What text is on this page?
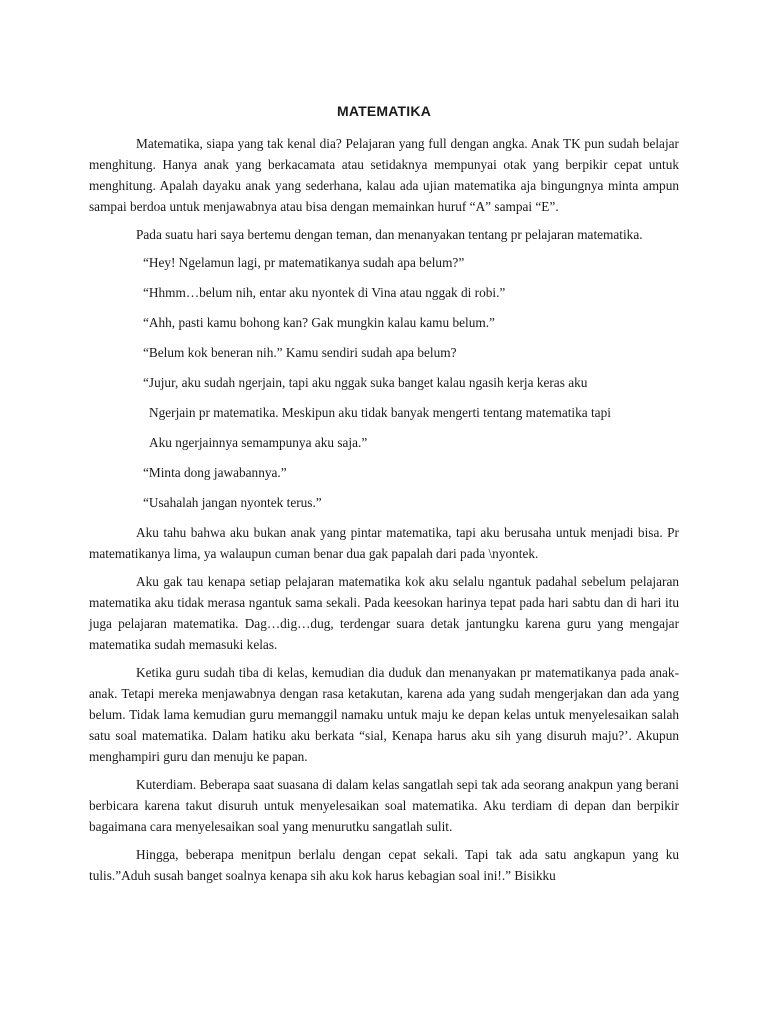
MATEMATIKA

Matematika, siapa yang tak kenal dia? Pelajaran yang full dengan angka. Anak TK pun sudah belajar menghitung. Hanya anak yang berkacamata atau setidaknya mempunyai otak yang berpikir cepat untuk menghitung. Apalah dayaku anak yang sederhana, kalau ada ujian matematika aja bingungnya minta ampun sampai berdoa untuk menjawabnya atau bisa dengan memainkan huruf “A” sampai “E”.

Pada suatu hari saya bertemu dengan teman, dan menanyakan tentang pr pelajaran matematika.

“Hey! Ngelamun lagi, pr matematikanya sudah apa belum?”
“Hhmm…belum nih, entar aku nyontek di Vina atau nggak di robi.”
“Ahh, pasti kamu bohong kan? Gak mungkin kalau kamu belum.”
“Belum kok beneran nih.” Kamu sendiri sudah apa belum?
“Jujur, aku sudah ngerjain, tapi aku nggak suka banget kalau ngasih kerja keras aku
Ngerjain pr matematika. Meskipun aku tidak banyak mengerti tentang matematika tapi
Aku ngerjainnya semampunya aku saja.”
“Minta dong jawabannya.”
“Usahalah jangan nyontek terus.”

Aku tahu bahwa aku bukan anak yang pintar matematika, tapi aku berusaha untuk menjadi bisa. Pr matematikanya lima, ya walaupun cuman benar dua gak papalah dari pada \nyontek.

Aku gak tau kenapa setiap pelajaran matematika kok aku selalu ngantuk padahal sebelum pelajaran matematika aku tidak merasa ngantuk sama sekali. Pada keesokan harinya tepat pada hari sabtu dan di hari itu juga pelajaran matematika. Dag…dig…dug, terdengar suara detak jantungku karena guru yang mengajar matematika sudah memasuki kelas.

Ketika guru sudah tiba di kelas, kemudian dia duduk dan menanyakan pr matematikanya pada anak-anak. Tetapi mereka menjawabnya dengan rasa ketakutan, karena ada yang sudah mengerjakan dan ada yang belum. Tidak lama kemudian guru memanggil namaku untuk maju ke depan kelas untuk menyelesaikan salah satu soal matematika. Dalam hatiku aku berkata “sial, Kenapa harus aku sih yang disuruh maju?’. Akupun menghampiri guru dan menuju ke papan.

Kuterdiam. Beberapa saat suasana di dalam kelas sangatlah sepi tak ada seorang anakpun yang berani berbicara karena takut disuruh untuk menyelesaikan soal matematika. Aku terdiam di depan dan berpikir bagaimana cara menyelesaikan soal yang menurutku sangatlah sulit.

Hingga, beberapa menitpun berlalu dengan cepat sekali. Tapi tak ada satu angkapun yang ku tulis.”Aduh susah banget soalnya kenapa sih aku kok harus kebagian soal ini!.” Bisikku
